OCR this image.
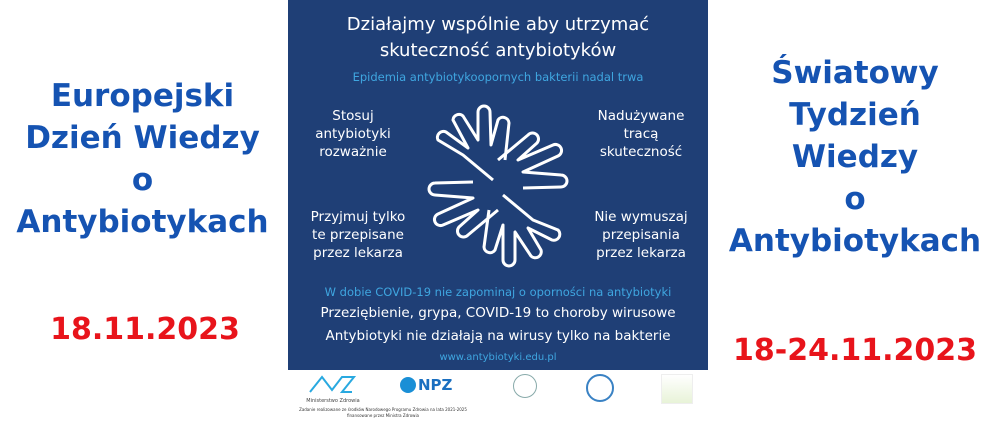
Europejski
Dzień Wiedzy
o
Antybiotykach
18.11.2023
Światowy
Tydzień
Wiedzy
o
Antybiotykach
18-24.11.2023
Działajmy wspólnie aby utrzymać
skuteczność antybiotyków
Epidemia antybiotykoopornych bakterii nadal trwa
Stosuj
antybiotyki
rozważnie
Nadużywane
tracą
skuteczność
Przyjmuj tylko
te przepisane
przez lekarza
Nie wymuszaj
przepisania
przez lekarza
W dobie COVID-19 nie zapominaj o oporności na antybiotyki
Przeziębienie, grypa, COVID-19 to choroby wirusowe
Antybiotyki nie działają na wirusy tylko na bakterie
www.antybiotyki.edu.pl
Ministerstwo Zdrowia
NPZ
Zadanie realizowane ze środków Narodowego Programu Zdrowia na lata 2021-2025 finansowane przez Ministra Zdrowia
